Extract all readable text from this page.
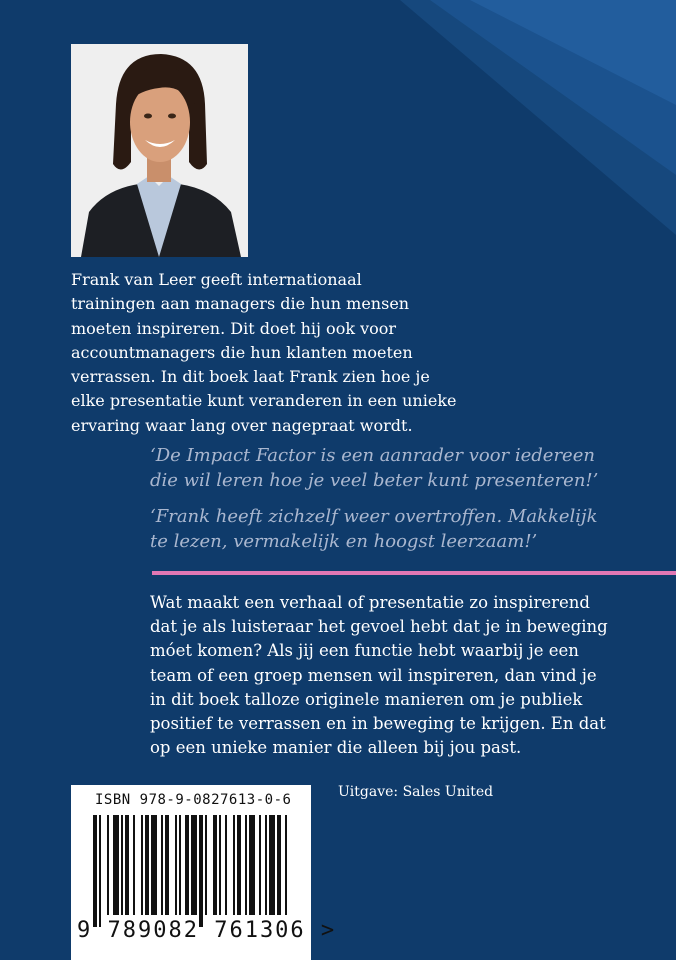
Frank van Leer geeft internationaal
trainingen aan managers die hun mensen
moeten inspireren. Dit doet hij ook voor
accountmanagers die hun klanten moeten
verrassen. In dit boek laat Frank zien hoe je
elke presentatie kunt veranderen in een unieke
ervaring waar lang over nagepraat wordt.

‘De Impact Factor is een aanrader voor iedereen
die wil leren hoe je veel beter kunt presenteren!’

‘Frank heeft zichzelf weer overtroffen. Makkelijk
te lezen, vermakelijk en hoogst leerzaam!’

Wat maakt een verhaal of presentatie zo inspirerend
dat je als luisteraar het gevoel hebt dat je in beweging
móet komen? Als jij een functie hebt waarbij je een
team of een groep mensen wil inspireren, dan vind je
in dit boek talloze originele manieren om je publiek
positief te verrassen en in beweging te krijgen. En dat
op een unieke manier die alleen bij jou past.
ISBN 978-9-0827613-0-6
9 789082 761306 >
Uitgave: Sales United
